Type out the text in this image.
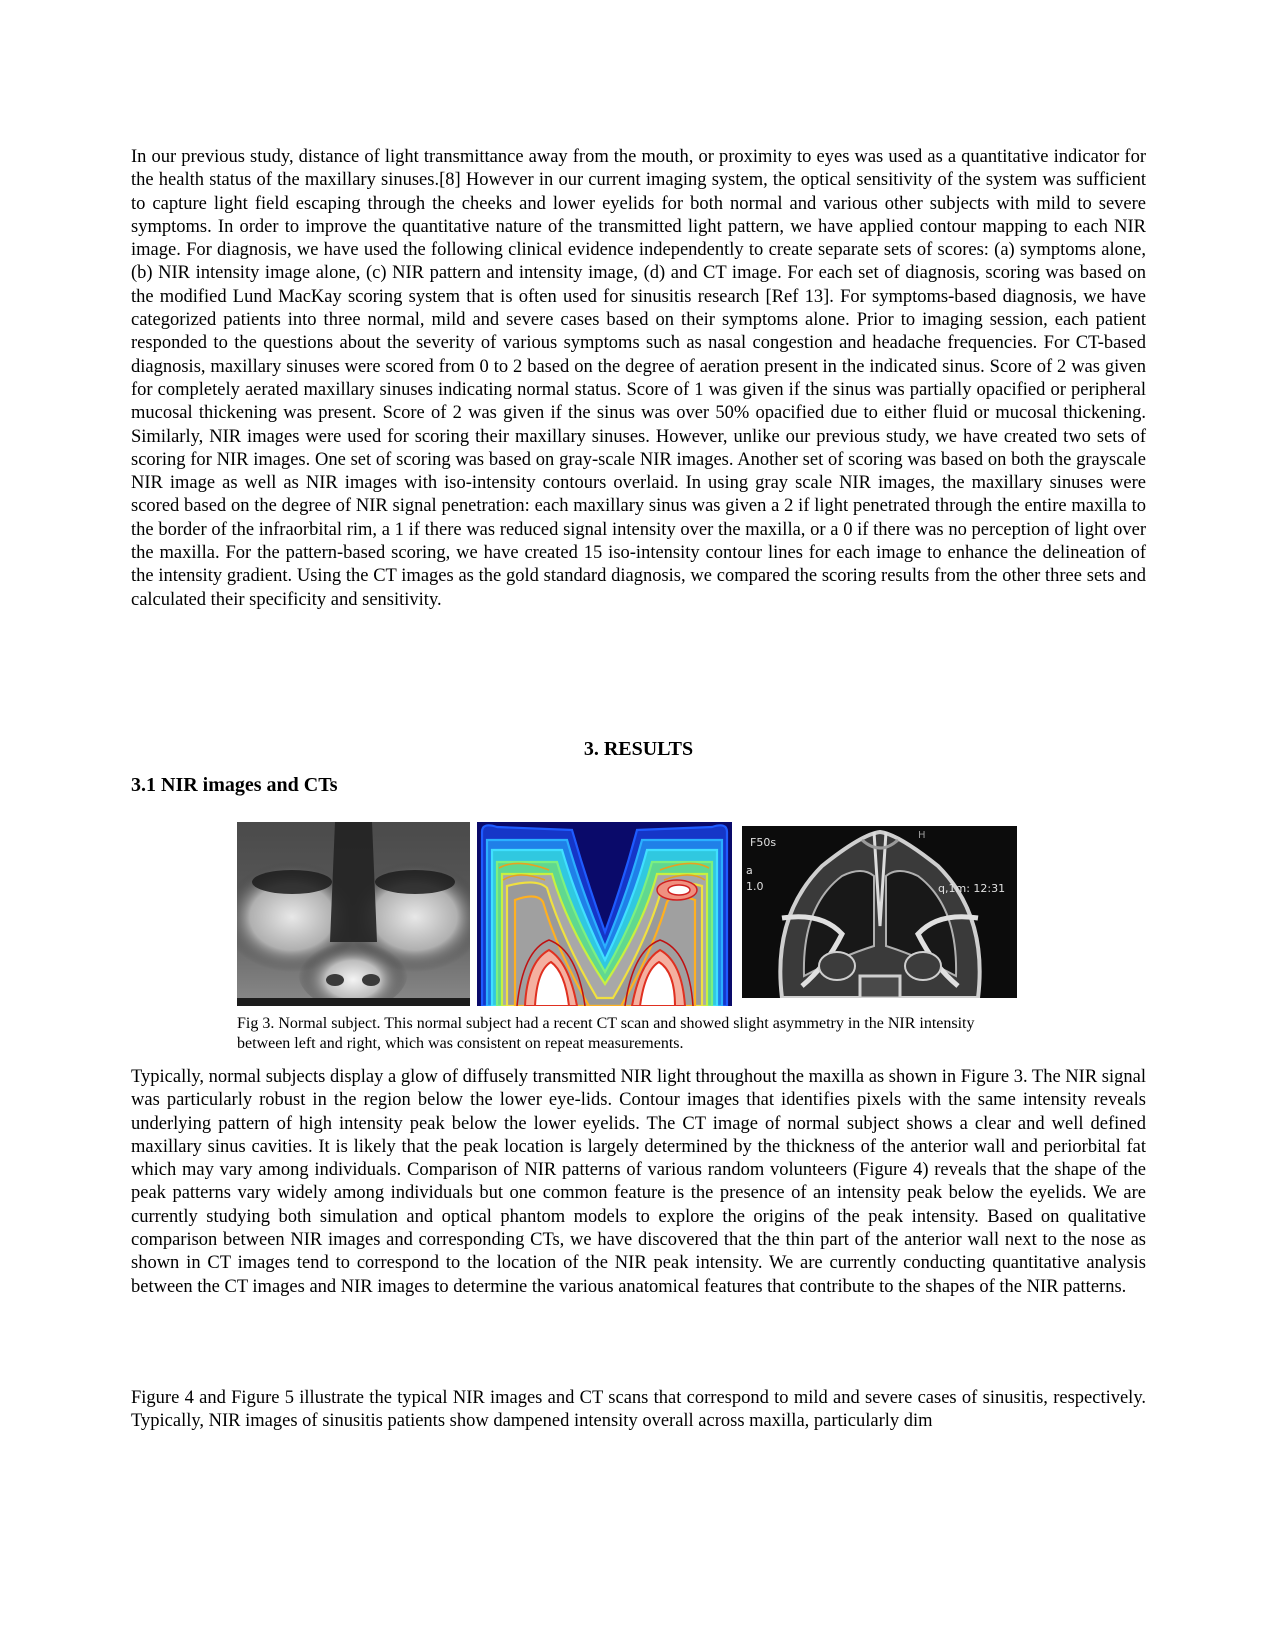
In our previous study, distance of light transmittance away from the mouth, or proximity to eyes was used as a quantitative indicator for the health status of the maxillary sinuses.[8] However in our current imaging system, the optical sensitivity of the system was sufficient to capture light field escaping through the cheeks and lower eyelids for both normal and various other subjects with mild to severe symptoms. In order to improve the quantitative nature of the transmitted light pattern, we have applied contour mapping to each NIR image. For diagnosis, we have used the following clinical evidence independently to create separate sets of scores: (a) symptoms alone, (b) NIR intensity image alone, (c) NIR pattern and intensity image, (d) and CT image. For each set of diagnosis, scoring was based on the modified Lund MacKay scoring system that is often used for sinusitis research [Ref 13]. For symptoms-based diagnosis, we have categorized patients into three normal, mild and severe cases based on their symptoms alone. Prior to imaging session, each patient responded to the questions about the severity of various symptoms such as nasal congestion and headache frequencies. For CT-based diagnosis, maxillary sinuses were scored from 0 to 2 based on the degree of aeration present in the indicated sinus. Score of 2 was given for completely aerated maxillary sinuses indicating normal status. Score of 1 was given if the sinus was partially opacified or peripheral mucosal thickening was present. Score of 2 was given if the sinus was over 50% opacified due to either fluid or mucosal thickening. Similarly, NIR images were used for scoring their maxillary sinuses. However, unlike our previous study, we have created two sets of scoring for NIR images. One set of scoring was based on gray-scale NIR images. Another set of scoring was based on both the grayscale NIR image as well as NIR images with iso-intensity contours overlaid. In using gray scale NIR images, the maxillary sinuses were scored based on the degree of NIR signal penetration: each maxillary sinus was given a 2 if light penetrated through the entire maxilla to the border of the infraorbital rim, a 1 if there was reduced signal intensity over the maxilla, or a 0 if there was no perception of light over the maxilla. For the pattern-based scoring, we have created 15 iso-intensity contour lines for each image to enhance the delineation of the intensity gradient. Using the CT images as the gold standard diagnosis, we compared the scoring results from the other three sets and calculated their specificity and sensitivity.

3. RESULTS
3.1 NIR images and CTs
F50s
a
1.0	q,1m: 12:31
H

Fig 3. Normal subject. This normal subject had a recent CT scan and showed slight asymmetry in the NIR intensity between left and right, which was consistent on repeat measurements.

Typically, normal subjects display a glow of diffusely transmitted NIR light throughout the maxilla as shown in Figure 3. The NIR signal was particularly robust in the region below the lower eye-lids. Contour images that identifies pixels with the same intensity reveals underlying pattern of high intensity peak below the lower eyelids. The CT image of normal subject shows a clear and well defined maxillary sinus cavities. It is likely that the peak location is largely determined by the thickness of the anterior wall and periorbital fat which may vary among individuals. Comparison of NIR patterns of various random volunteers (Figure 4) reveals that the shape of the peak patterns vary widely among individuals but one common feature is the presence of an intensity peak below the eyelids. We are currently studying both simulation and optical phantom models to explore the origins of the peak intensity. Based on qualitative comparison between NIR images and corresponding CTs, we have discovered that the thin part of the anterior wall next to the nose as shown in CT images tend to correspond to the location of the NIR peak intensity. We are currently conducting quantitative analysis between the CT images and NIR images to determine the various anatomical features that contribute to the shapes of the NIR patterns.

Figure 4 and Figure 5 illustrate the typical NIR images and CT scans that correspond to mild and severe cases of sinusitis, respectively. Typically, NIR images of sinusitis patients show dampened intensity overall across maxilla, particularly dim
